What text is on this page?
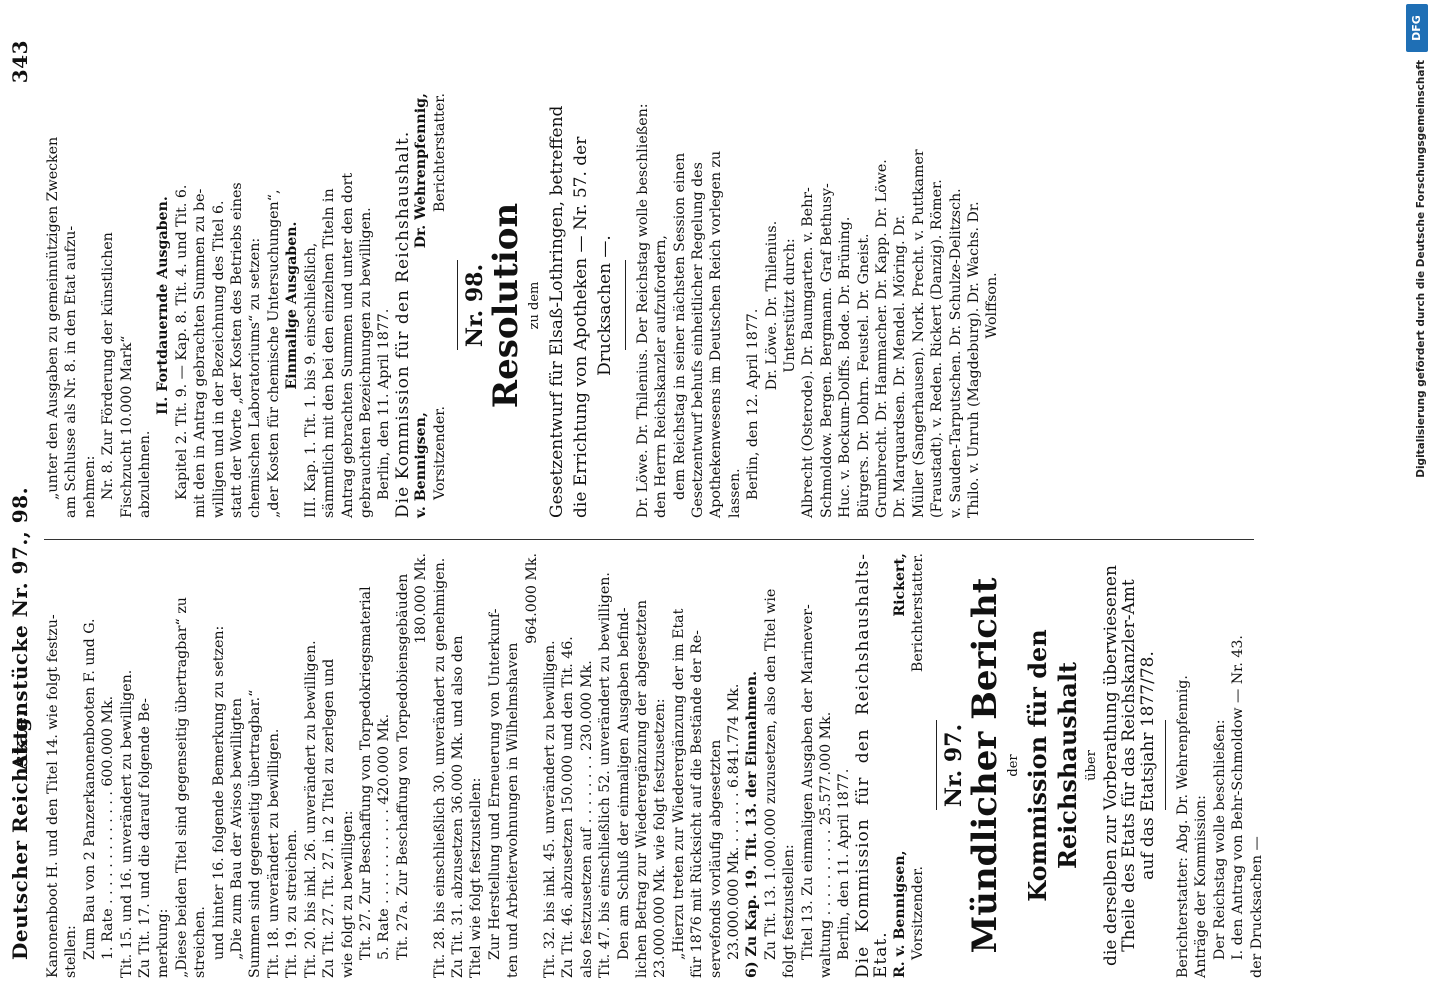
Deutscher Reichstag.
Aktenstücke Nr. 97., 98.
343

Kanonenboot H. und den Titel 14. wie folgt festzu- stellen: Zum Bau von 2 Panzerkanonenbooten F. und G. 1. Rate . . . . . . . . . . . . . 600.000 Mk. Tit. 15. und 16. unverändert zu bewilligen. Zu Tit. 17. und die darauf folgende Be- merkung: „Diese beiden Titel sind gegenseitig übertragbar“ zu streichen. und hinter 16. folgende Bemerkung zu setzen: „Die zum Bau der Avisos bewilligten Summen sind gegenseitig übertragbar.“ Tit. 18. unverändert zu bewilligen. Tit. 19. zu streichen. Tit. 20. bis inkl. 26. unverändert zu bewilligen. Zu Tit. 27. Tit. 27. in 2 Titel zu zerlegen und wie folgt zu bewilligen: Tit. 27. Zur Beschaffung von Torpedokriegsmaterial 5. Rate . . . . . . . . . . . 420.000 Mk. Tit. 27a. Zur Beschaffung von Torpedobiensgebäuden 180.000 Mk. Tit. 28. bis einschließlich 30. unverändert zu genehmigen. Zu Tit. 31. abzusetzen 36.000 Mk. und also den Titel wie folgt festzustellen: Zur Herstellung und Erneuerung von Unterkunf- ten und Arbeiterwohnungen in Wilhelmshaven

964.000 Mk.

Tit. 32. bis inkl. 45. unverändert zu bewilligen. Zu Tit. 46. abzusetzen 150.000 und den Tit. 46. also festzusetzen auf . . . . . . . . 230.000 Mk. Tit. 47. bis einschließlich 52. unverändert zu bewilligen. Den am Schluß der einmaligen Ausgaben befind- lichen Betrag zur Wiederergänzung der abgesetzten 23.000.000 Mk. wie folgt festzusetzen: „Hierzu treten zur Wiederergänzung der im Etat für 1876 mit Rücksicht auf die Bestände der Re- servefonds vorläufig abgesetzten 23.000.000 Mk. . . . . . . 6.841.774 Mk. 6) Zu Kap. 19. Tit. 13. der Einnahmen. Zu Tit. 13. 1.000.000 zuzusetzen, also den Titel wie folgt festzustellen: Titel 13. Zu einmaligen Ausgaben der Marinever- waltung . . . . . . . . . . 25.577.000 Mk. Berlin, den 11. April 1877. Die Kommission für den Reichshaushalts-Etat. R. v. Bennigsen, Vorsitzender.

Rickert, Berichterstatter.

Nr. 97.

Mündlicher Bericht der Kommission für den Reichshaushalt über die derselben zur Vorberathung überwiesenen

Theile des Etats für das Reichskanzler-Amt

auf das Etatsjahr 1877/78. Berichterstatter: Abg. Dr. Wehrenpfennig. Anträge der Kommission: Der Reichstag wolle beschließen: I. den Antrag von Behr-Schmoldow — Nr. 43. der Drucksachen —

„unter den Ausgaben zu gemeinnützigen Zwecken am Schlusse als Nr. 8. in den Etat aufzu- nehmen: Nr. 8. Zur Förderung der künstlichen Fischzucht 10.000 Mark“ abzulehnen.

II. Fortdauernde Ausgaben. Kapitel 2. Tit. 9. — Kap. 8. Tit. 4. und Tit. 6. mit den in Antrag gebrachten Summen zu be- willigen und in der Bezeichnung des Titel 6. statt der Worte „der Kosten des Betriebs eines chemischen Laboratoriums“ zu setzen: „der Kosten für chemische Untersuchungen“, Einmalige Ausgaben. III. Kap. 1. Tit. 1. bis 9. einschließlich, sämmtlich mit den bei den einzelnen Titeln in Antrag gebrachten Summen und unter den dort gebrauchten Bezeichnungen zu bewilligen. Berlin, den 11. April 1877. Die Kommission für den Reichshaushalt. v. Bennigsen, Vorsitzender.

Dr. Wehrenpfennig, Berichterstatter.

Nr. 98.

Resolution zu dem Gesetzentwurf für Elsaß-Lothringen, betreffend die Errichtung von Apotheken — Nr. 57. der Drucksachen —. Dr. Löwe. Dr. Thilenius. Der Reichstag wolle beschließen: den Herrn Reichskanzler aufzufordern, dem Reichstag in seiner nächsten Session einen Gesetzentwurf behufs einheitlicher Regelung des Apothekenwesens im Deutschen Reich vorlegen zu lassen. Berlin, den 12. April 1877.

Dr. Löwe. Dr. Thilenius. Unterstützt durch: Albrecht (Osterode). Dr. Baumgarten. v. Behr- Schmoldow. Bergen. Bergmann. Graf Bethusy- Huc. v. Bockum-Dolffs. Bode. Dr. Brüning. Bürgers. Dr. Dohrn. Feustel. Dr. Gneist. Grumbrecht. Dr. Hammacher. Dr. Kapp. Dr. Löwe. Dr. Marquardsen. Dr. Mendel. Möring. Dr. Müller (Sangerhausen). Nork. Precht. v. Puttkamer (Fraustadt). v. Reden. Rickert (Danzig). Römer. v. Sauden-Tarputschen. Dr. Schulze-Delitzsch. Thilo. v. Unruh (Magdeburg). Dr. Wachs. Dr. Wolffson.	Digitalisierung gefördert durch die Deutsche Forschungsgemeinschaft
DFG
